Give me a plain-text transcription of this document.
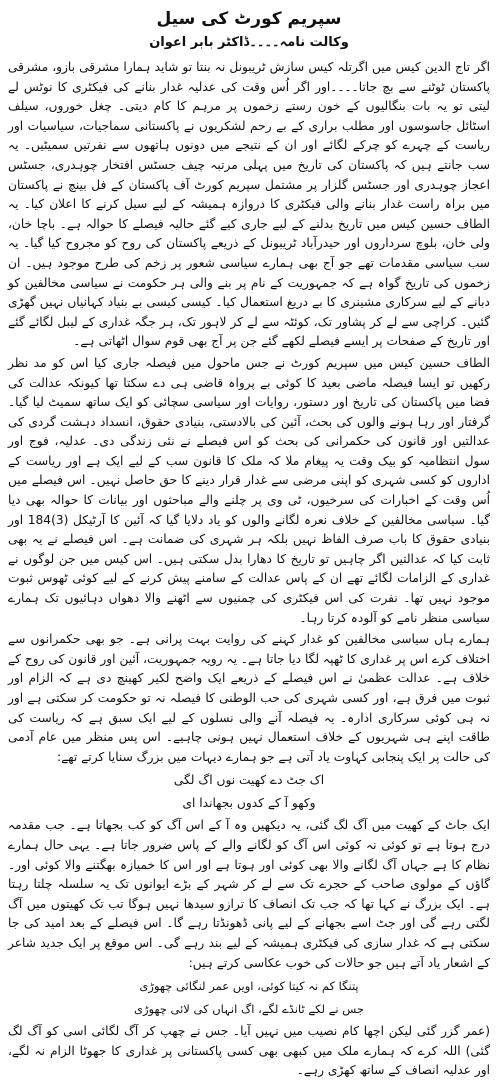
سپریم کورٹ کی سیل
وکالت نامہ۔۔۔۔ڈاکٹر بابر اعوان

اگر تاج الدین کیس میں اگرتلہ کیس سازش ٹریبونل نہ بنتا تو شاید ہمارا مشرقی بازو، مشرقی پاکستان ٹوٹنے سے بچ جاتا۔۔۔۔اور اگر اُس وقت کی عدلیہ غدار بنانے کی فیکٹری کا نوٹس لے لیتی تو یہ بات بنگالیوں کے خون رستے زخموں پر مرہم کا کام دیتی۔ چغل خوروں، سیلف اسٹائل جاسوسوں اور مطلب براری کے بے رحم لشکریوں نے پاکستانی سماجیات، سیاسیات اور ریاست کے چہرے کو چرکے لگائے اور ان کے نتیجے میں دونوں ہاتھوں سے نفرتیں سمیٹیں۔ یہ سب جانتے ہیں کہ پاکستان کی تاریخ میں پہلی مرتبہ چیف جسٹس افتخار چوہدری، جسٹس اعجاز چوہدری اور جسٹس گلزار پر مشتمل سپریم کورٹ آف پاکستان کے فل بینچ نے پاکستان میں براہ راست غدار بنانے والی فیکٹری کا دروازہ ہمیشہ کے لیے سیل کرنے کا اعلان کیا۔ یہ الطاف حسین کیس میں تاریخ بدلنے کے لیے جاری کیے گئے حالیہ فیصلے کا حوالہ ہے۔ باچا خان، ولی خان، بلوچ سرداروں اور حیدرآباد ٹریبونل کے ذریعے پاکستان کی روح کو مجروح کیا گیا۔ یہ سب سیاسی مقدمات تھے جو آج بھی ہمارے سیاسی شعور پر زخم کی طرح موجود ہیں۔ ان زخموں کی تاریخ گواہ ہے کہ جمہوریت کے نام پر بنے والی ہر حکومت نے سیاسی مخالفین کو دبانے کے لیے سرکاری مشینری کا بے دریغ استعمال کیا۔ کیسی کیسی بے بنیاد کہانیاں نہیں گھڑی گئیں۔ کراچی سے لے کر پشاور تک، کوئٹہ سے لے کر لاہور تک، ہر جگہ غداری کے لیبل لگائے گئے اور تاریخ کے صفحات پر ایسے فیصلے لکھے گئے جن پر آج بھی قوم سوال اٹھاتی ہے۔

الطاف حسین کیس میں سپریم کورٹ نے جس ماحول میں فیصلہ جاری کیا اس کو مد نظر رکھیں تو ایسا فیصلہ ماضی بعید کا کوئی بے پرواہ قاضی ہی دے سکتا تھا کیونکہ عدالت کی فضا میں پاکستان کی تاریخ اور دستور، روایات اور سیاسی سچائی کو ایک ساتھ سمیٹ لیا گیا۔ گرفتار اور رہا ہونے والوں کی بحث، آئین کی بالادستی، بنیادی حقوق، انسداد دہشت گردی کی عدالتیں اور قانون کی حکمرانی کی بحث کو اس فیصلے نے نئی زندگی دی۔ عدلیہ، فوج اور سول انتظامیہ کو بیک وقت یہ پیغام ملا کہ ملک کا قانون سب کے لیے ایک ہے اور ریاست کے اداروں کو کسی شہری کو اپنی مرضی سے غدار قرار دینے کا حق حاصل نہیں۔ اس فیصلے میں اُس وقت کے اخبارات کی سرخیوں، ٹی وی پر چلنے والے مباحثوں اور بیانات کا حوالہ بھی دیا گیا۔ سیاسی مخالفین کے خلاف نعرہ لگانے والوں کو یاد دلایا گیا کہ آئین کا آرٹیکل (3)184 اور بنیادی حقوق کا باب صرف الفاظ نہیں بلکہ ہر شہری کی ضمانت ہے۔ اس فیصلے نے یہ بھی ثابت کیا کہ عدالتیں اگر چاہیں تو تاریخ کا دھارا بدل سکتی ہیں۔ اس کیس میں جن لوگوں نے غداری کے الزامات لگائے تھے ان کے پاس عدالت کے سامنے پیش کرنے کے لیے کوئی ٹھوس ثبوت موجود نہیں تھا۔ نفرت کی اس فیکٹری کی چمنیوں سے اٹھنے والا دھواں دہائیوں تک ہمارے سیاسی منظر نامے کو آلودہ کرتا رہا۔

ہمارے ہاں سیاسی مخالفین کو غدار کہنے کی روایت بہت پرانی ہے۔ جو بھی حکمرانوں سے اختلاف کرے اس پر غداری کا ٹھپہ لگا دیا جاتا ہے۔ یہ رویہ جمہوریت، آئین اور قانون کی روح کے خلاف ہے۔ عدالت عظمیٰ نے اس فیصلے کے ذریعے ایک واضح لکیر کھینچ دی ہے کہ الزام اور ثبوت میں فرق ہے، اور کسی شہری کی حب الوطنی کا فیصلہ نہ تو حکومت کر سکتی ہے اور نہ ہی کوئی سرکاری ادارہ۔ یہ فیصلہ آنے والی نسلوں کے لیے ایک سبق ہے کہ ریاست کی طاقت اپنے ہی شہریوں کے خلاف استعمال نہیں ہونی چاہیے۔ اس پس منظر میں عام آدمی کی حالت پر ایک پنجابی کہاوت یاد آتی ہے جو ہمارے دیہات میں بزرگ سنایا کرتے تھے:

اک جٹ دے کھیت نوں اگ لگی
وکھو آ کے کدوں بجھاندا ای

ایک جاٹ کے کھیت میں آگ لگ گئی، یہ دیکھیں وہ آ کے اس آگ کو کب بجھاتا ہے۔ جب مقدمہ درج ہوتا ہے تو کوئی نہ کوئی اس آگ کو لگانے والے کے پاس ضرور جاتا ہے۔ یہی حال ہمارے نظام کا ہے جہاں آگ لگانے والا بھی کوئی اور ہوتا ہے اور اس کا خمیازہ بھگتنے والا کوئی اور۔ گاؤں کے مولوی صاحب کے حجرے تک سے لے کر شہر کے بڑے ایوانوں تک یہ سلسلہ چلتا رہتا ہے۔ ایک بزرگ نے کہا تھا کہ جب تک انصاف کا ترازو سیدھا نہیں ہوگا تب تک کھیتوں میں آگ لگتی رہے گی اور جٹ اسے بجھانے کے لیے پانی ڈھونڈتا رہے گا۔ اس فیصلے کے بعد امید کی جا سکتی ہے کہ غدار سازی کی فیکٹری ہمیشہ کے لیے بند رہے گی۔ اس موقع پر ایک جدید شاعر کے اشعار یاد آتے ہیں جو حالات کی خوب عکاسی کرتے ہیں:

پتنگا کم نہ کیتا کوئی، اویں عمر لنگائی چھوڑی
جس نے لکے ٹانڈے لگے، اگ انہاں کی لائی چھوڑی

(عمر گزر گئی لیکن اچھا کام نصیب میں نہیں آیا۔ جس نے چھپ کر آگ لگائی اسی کو آگ لگ گئی) اللہ کرے کہ ہمارے ملک میں کبھی بھی کسی پاکستانی پر غداری کا جھوٹا الزام نہ لگے، اور عدلیہ انصاف کے ساتھ کھڑی رہے۔
